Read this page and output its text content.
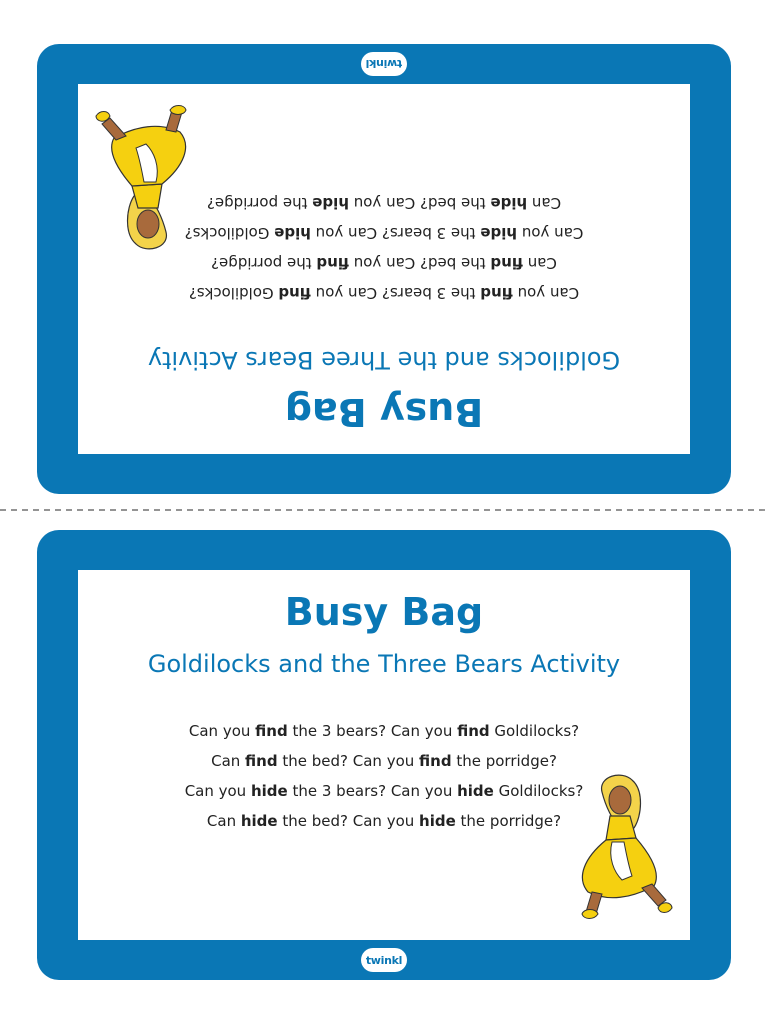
twinkl
Busy Bag
Goldilocks and the Three Bears Activity
Can you find the 3 bears? Can you find Goldilocks?
Can find the bed? Can you find the porridge?
Can you hide the 3 bears? Can you hide Goldilocks?
Can hide the bed? Can you hide the porridge?
Busy Bag
Goldilocks and the Three Bears Activity
Can you find the 3 bears? Can you find Goldilocks?
Can find the bed? Can you find the porridge?
Can you hide the 3 bears? Can you hide Goldilocks?
Can hide the bed? Can you hide the porridge?
twinkl
